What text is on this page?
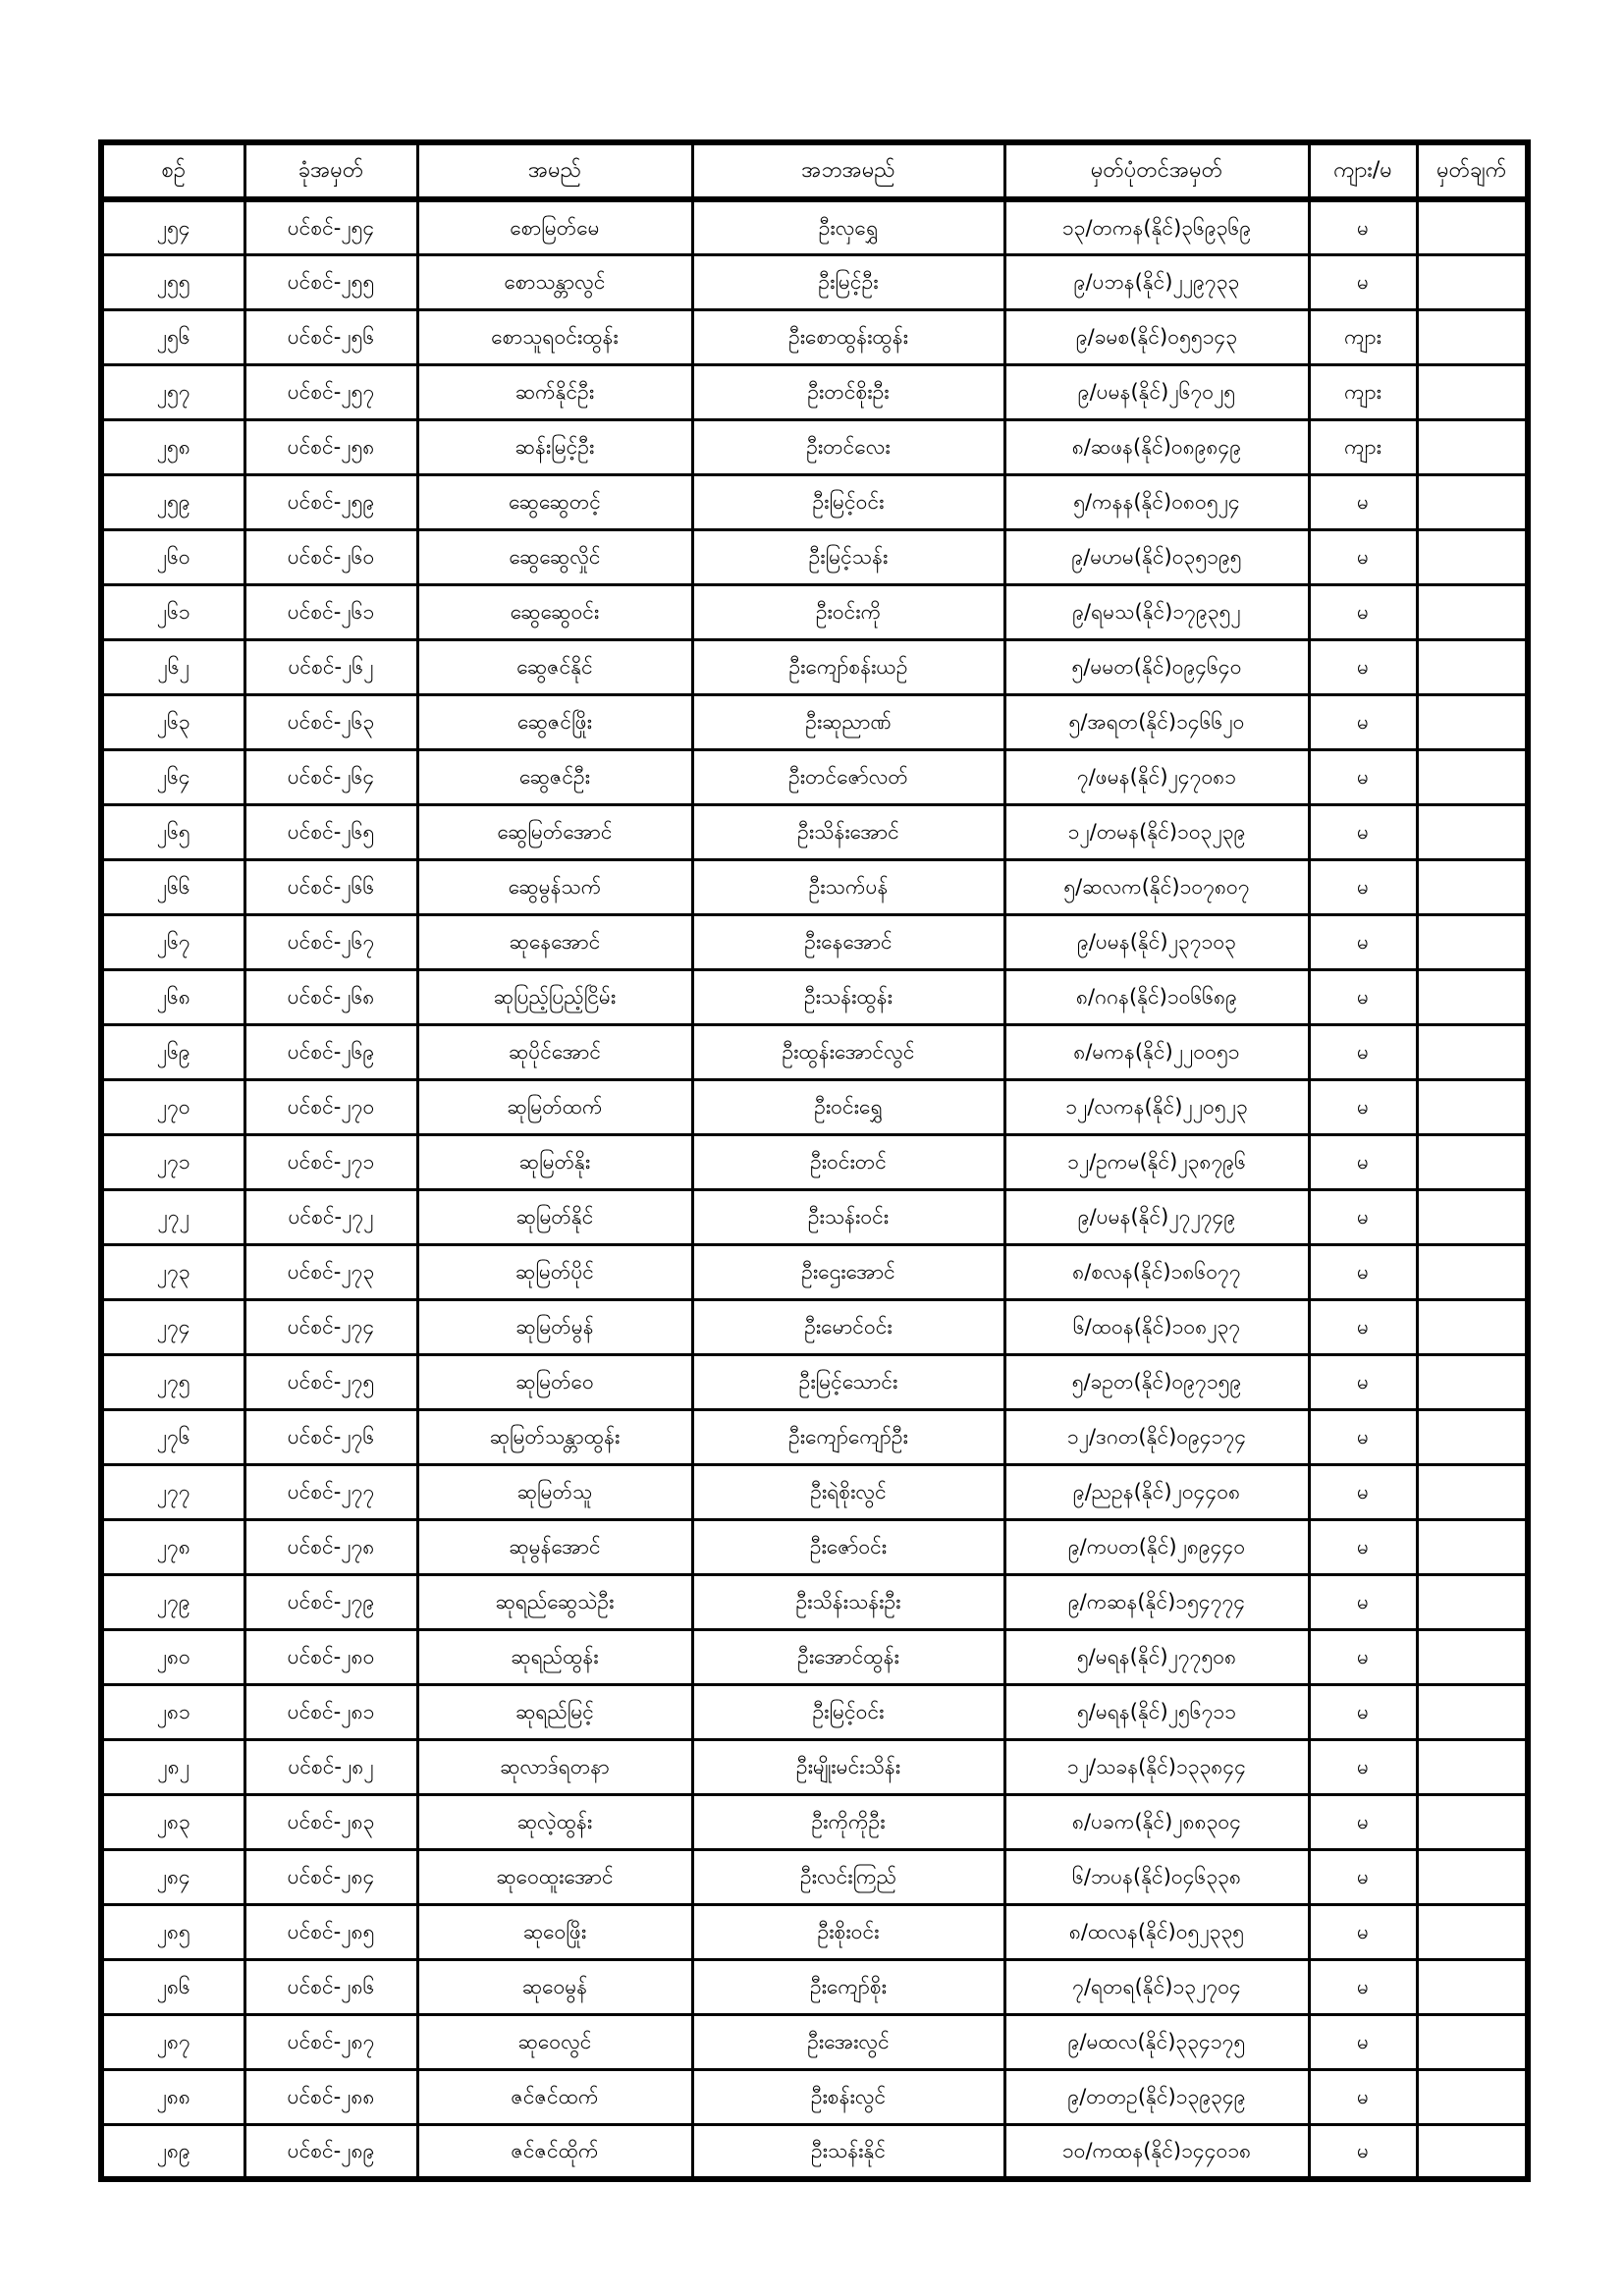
စဉ်	ခုံအမှတ်	အမည်	အဘအမည်	မှတ်ပုံတင်အမှတ်	ကျား/မ	မှတ်ချက်
၂၅၄	ပင်စင်-၂၅၄	စောမြတ်မေ	ဦးလှရွှေ	၁၃/တကန(နိုင်)၃၆၉၃၆၉	မ	
၂၅၅	ပင်စင်-၂၅၅	စောသန္တာလွင်	ဦးမြင့်ဦး	၉/ပဘန(နိုင်)၂၂၉၇၃၃	မ	
၂၅၆	ပင်စင်-၂၅၆	စောသူရဝင်းထွန်း	ဦးစောထွန်းထွန်း	၉/ခမစ(နိုင်)၀၅၅၁၄၃	ကျား	
၂၅၇	ပင်စင်-၂၅၇	ဆက်နိုင်ဦး	ဦးတင်စိုးဦး	၉/ပမန(နိုင်)၂၆၇၀၂၅	ကျား	
၂၅၈	ပင်စင်-၂၅၈	ဆန်းမြင့်ဦး	ဦးတင်လေး	၈/ဆဖန(နိုင်)၀၈၉၈၄၉	ကျား	
၂၅၉	ပင်စင်-၂၅၉	ဆွေဆွေတင့်	ဦးမြင့်ဝင်း	၅/ကနန(နိုင်)၀၈၀၅၂၄	မ	
၂၆၀	ပင်စင်-၂၆၀	ဆွေဆွေလှိုင်	ဦးမြင့်သန်း	၉/မဟမ(နိုင်)၀၃၅၁၉၅	မ	
၂၆၁	ပင်စင်-၂၆၁	ဆွေဆွေဝင်း	ဦးဝင်းကို	၉/ရမသ(နိုင်)၁၇၉၃၅၂	မ	
၂၆၂	ပင်စင်-၂၆၂	ဆွေဇင်နိုင်	ဦးကျော်စန်းယဉ်	၅/မမတ(နိုင်)၀၉၄၆၄၀	မ	
၂၆၃	ပင်စင်-၂၆၃	ဆွေဇင်ဖြိုး	ဦးဆုညာဏ်	၅/အရတ(နိုင်)၁၄၆၆၂၀	မ	
၂၆၄	ပင်စင်-၂၆၄	ဆွေဇင်ဦး	ဦးတင်ဇော်လတ်	၇/ဖမန(နိုင်)၂၄၇၀၈၁	မ	
၂၆၅	ပင်စင်-၂၆၅	ဆွေမြတ်အောင်	ဦးသိန်းအောင်	၁၂/တမန(နိုင်)၁၀၃၂၃၉	မ	
၂၆၆	ပင်စင်-၂၆၆	ဆွေမွန်သက်	ဦးသက်ပန်	၅/ဆလက(နိုင်)၁၀၇၈၀၇	မ	
၂၆၇	ပင်စင်-၂၆၇	ဆုနေအောင်	ဦးနေအောင်	၉/ပမန(နိုင်)၂၃၇၁၀၃	မ	
၂၆၈	ပင်စင်-၂၆၈	ဆုပြည့်ပြည့်ငြိမ်း	ဦးသန်းထွန်း	၈/ဂဂန(နိုင်)၁၀၆၆၈၉	မ	
၂၆၉	ပင်စင်-၂၆၉	ဆုပိုင်အောင်	ဦးထွန်းအောင်လွင်	၈/မကန(နိုင်)၂၂၀၀၅၁	မ	
၂၇၀	ပင်စင်-၂၇၀	ဆုမြတ်ထက်	ဦးဝင်းရွှေ	၁၂/လကန(နိုင်)၂၂၀၅၂၃	မ	
၂၇၁	ပင်စင်-၂၇၁	ဆုမြတ်နိုး	ဦးဝင်းတင်	၁၂/ဥကမ(နိုင်)၂၃၈၇၉၆	မ	
၂၇၂	ပင်စင်-၂၇၂	ဆုမြတ်နိုင်	ဦးသန်းဝင်း	၉/ပမန(နိုင်)၂၇၂၇၄၉	မ	
၂၇၃	ပင်စင်-၂၇၃	ဆုမြတ်ပိုင်	ဦးဌေးအောင်	၈/စလန(နိုင်)၁၈၆၀၇၇	မ	
၂၇၄	ပင်စင်-၂၇၄	ဆုမြတ်မွန်	ဦးမောင်ဝင်း	၆/ထဝန(နိုင်)၁၀၈၂၃၇	မ	
၂၇၅	ပင်စင်-၂၇၅	ဆုမြတ်ဝေ	ဦးမြင့်သောင်း	၅/ခဥတ(နိုင်)၀၉၇၁၅၉	မ	
၂၇၆	ပင်စင်-၂၇၆	ဆုမြတ်သန္တာထွန်း	ဦးကျော်ကျော်ဦး	၁၂/ဒဂတ(နိုင်)၀၉၄၁၇၄	မ	
၂၇၇	ပင်စင်-၂၇၇	ဆုမြတ်သူ	ဦးရဲစိုးလွင်	၉/ညဥန(နိုင်)၂၀၄၄၀၈	မ	
၂၇၈	ပင်စင်-၂၇၈	ဆုမွန်အောင်	ဦးဇော်ဝင်း	၉/ကပတ(နိုင်)၂၈၉၄၄၀	မ	
၂၇၉	ပင်စင်-၂၇၉	ဆုရည်ဆွေသဲဦး	ဦးသိန်းသန်းဦး	၉/ကဆန(နိုင်)၁၅၄၇၇၄	မ	
၂၈၀	ပင်စင်-၂၈၀	ဆုရည်ထွန်း	ဦးအောင်ထွန်း	၅/မရန(နိုင်)၂၇၇၅၀၈	မ	
၂၈၁	ပင်စင်-၂၈၁	ဆုရည်မြင့်	ဦးမြင့်ဝင်း	၅/မရန(နိုင်)၂၅၆၇၁၁	မ	
၂၈၂	ပင်စင်-၂၈၂	ဆုလာဒ်ရတနာ	ဦးမျိုးမင်းသိန်း	၁၂/သခန(နိုင်)၁၃၃၈၄၄	မ	
၂၈၃	ပင်စင်-၂၈၃	ဆုလဲ့ထွန်း	ဦးကိုကိုဦး	၈/ပခက(နိုင်)၂၈၈၃၀၄	မ	
၂၈၄	ပင်စင်-၂၈၄	ဆုဝေထူးအောင်	ဦးလင်းကြည်	၆/ဘပန(နိုင်)၀၄၆၃၃၈	မ	
၂၈၅	ပင်စင်-၂၈၅	ဆုဝေဖြိုး	ဦးစိုးဝင်း	၈/ထလန(နိုင်)၀၅၂၃၃၅	မ	
၂၈၆	ပင်စင်-၂၈၆	ဆုဝေမွန်	ဦးကျော်စိုး	၇/ရတရ(နိုင်)၁၃၂၇၀၄	မ	
၂၈၇	ပင်စင်-၂၈၇	ဆုဝေလွင်	ဦးအေးလွင်	၉/မထလ(နိုင်)၃၃၄၁၇၅	မ	
၂၈၈	ပင်စင်-၂၈၈	ဇင်ဇင်ထက်	ဦးစန်းလွင်	၉/တတဥ(နိုင်)၁၃၉၃၄၉	မ	
၂၈၉	ပင်စင်-၂၈၉	ဇင်ဇင်ထိုက်	ဦးသန်းနိုင်	၁၀/ကထန(နိုင်)၁၄၄၀၁၈	မ	
